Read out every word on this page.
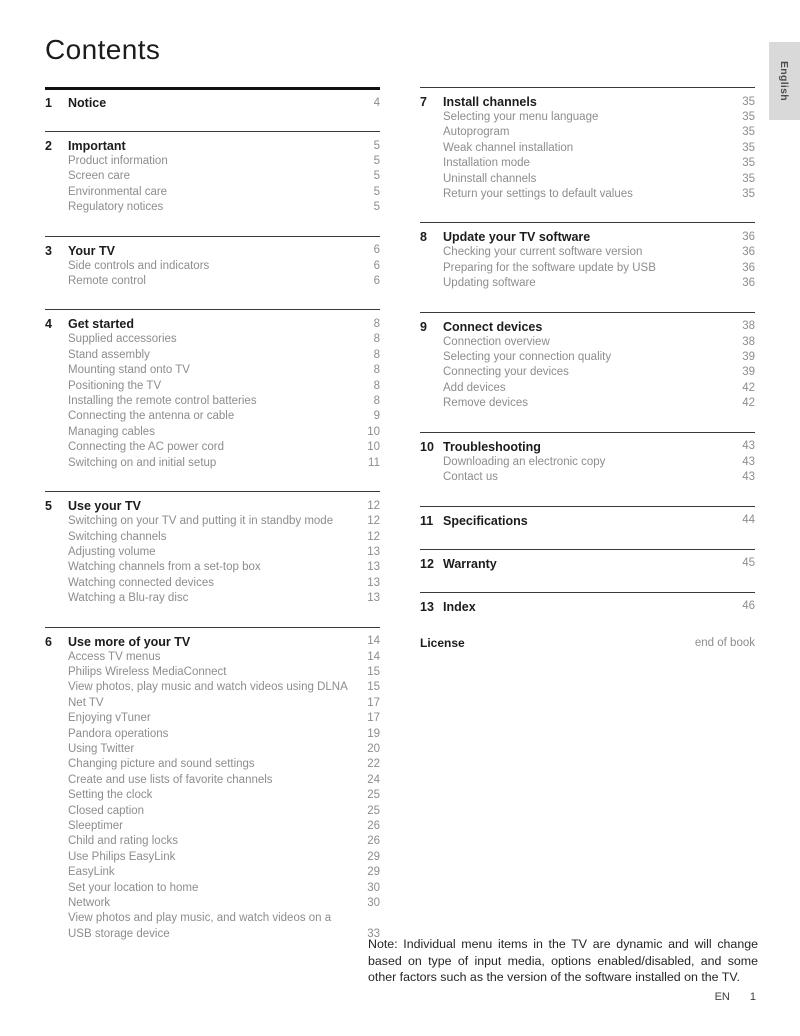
Contents
English
1	Notice	4
2	Important	5
Product information	5
Screen care	5
Environmental care	5
Regulatory notices	5
3	Your TV	6
Side controls and indicators	6
Remote control	6
4	Get started	8
Supplied accessories	8
Stand assembly	8
Mounting stand onto TV	8
Positioning the TV	8
Installing the remote control batteries	8
Connecting the antenna or cable	9
Managing cables	10
Connecting the AC power cord	10
Switching on and initial setup	11
5	Use your TV	12
Switching on your TV and putting it in standby mode	12
Switching channels	12
Adjusting volume	13
Watching channels from a set-top box	13
Watching connected devices	13
Watching a Blu-ray disc	13
6	Use more of your TV	14
Access TV menus	14
Philips Wireless MediaConnect	15
View photos, play music and watch videos using DLNA	15
Net TV	17
Enjoying vTuner	17
Pandora operations	19
Using Twitter	20
Changing picture and sound settings	22
Create and use lists of favorite channels	24
Setting the clock	25
Closed caption	25
Sleeptimer	26
Child and rating locks	26
Use Philips EasyLink	29
EasyLink	29
Set your location to home	30
Network	30
View photos and play music, and watch videos on a USB storage device	33
7	Install channels	35
Selecting your menu language	35
Autoprogram	35
Weak channel installation	35
Installation mode	35
Uninstall channels	35
Return your settings to default values	35
8	Update your TV software	36
Checking your current software version	36
Preparing for the software update by USB	36
Updating software	36
9	Connect devices	38
Connection overview	38
Selecting your connection quality	39
Connecting your devices	39
Add devices	42
Remove devices	42
10 Troubleshooting	43
Downloading an electronic copy	43
Contact us	43
11 Specifications	44
12 Warranty	45
13 Index	46
License	end of book

Note: Individual menu items in the TV are dynamic and will change based on type of input media, options enabled/disabled, and some other factors such as the version of the software installed on the TV.

EN 1
